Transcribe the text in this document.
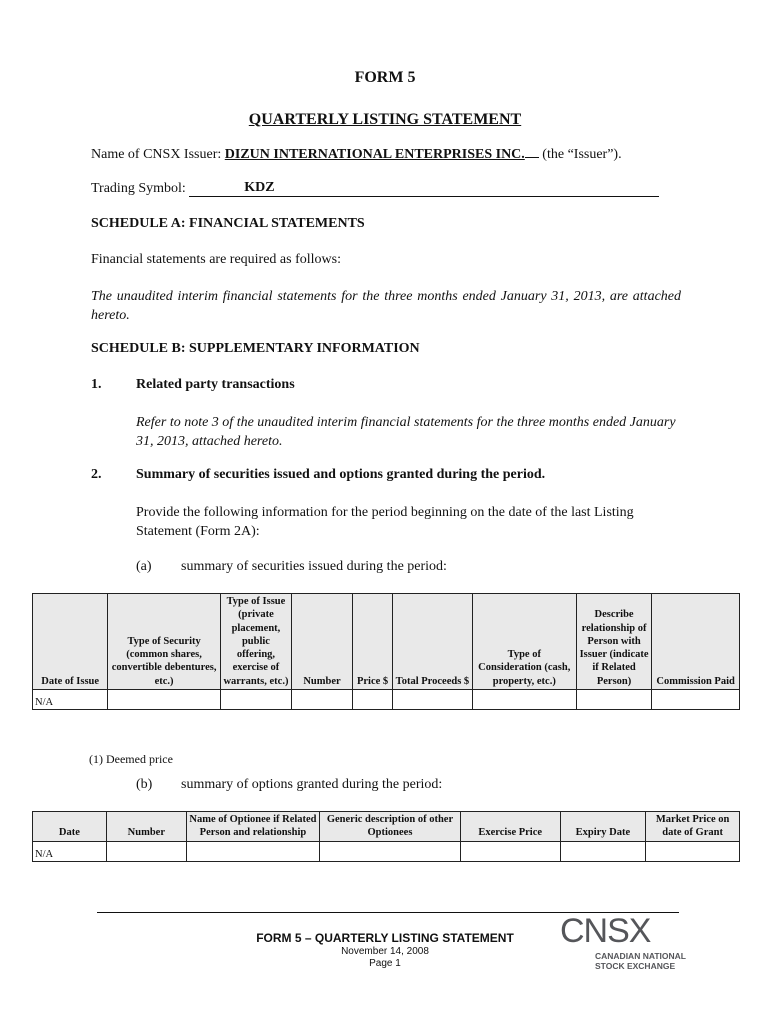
FORM 5
QUARTERLY LISTING STATEMENT
Name of CNSX Issuer: DIZUN INTERNATIONAL ENTERPRISES INC. (the “Issuer”).
Trading Symbol:	KDZ
SCHEDULE A: FINANCIAL STATEMENTS
Financial statements are required as follows:
The unaudited interim financial statements for the three months ended January 31, 2013, are attached hereto.
SCHEDULE B: SUPPLEMENTARY INFORMATION
1. Related party transactions
Refer to note 3 of the unaudited interim financial statements for the three months ended January 31, 2013, attached hereto.
2. Summary of securities issued and options granted during the period.
Provide the following information for the period beginning on the date of the last Listing Statement (Form 2A):
(a) summary of securities issued during the period:
Date of Issue	Type of Security (common shares, convertible debentures, etc.)	Type of Issue (private placement, public offering, exercise of warrants, etc.)	Number	Price $	Total Proceeds $	Type of Consideration (cash, property, etc.)	Describe relationship of Person with Issuer (indicate if Related Person)	Commission Paid
N/A								
(1) Deemed price
(b) summary of options granted during the period:
Date	Number	Name of Optionee if Related Person and relationship	Generic description of other Optionees	Exercise Price	Expiry Date	Market Price on date of Grant
N/A						
FORM 5 – QUARTERLY LISTING STATEMENT
November 14, 2008
Page 1
CNSX
CANADIAN NATIONAL
STOCK EXCHANGE
